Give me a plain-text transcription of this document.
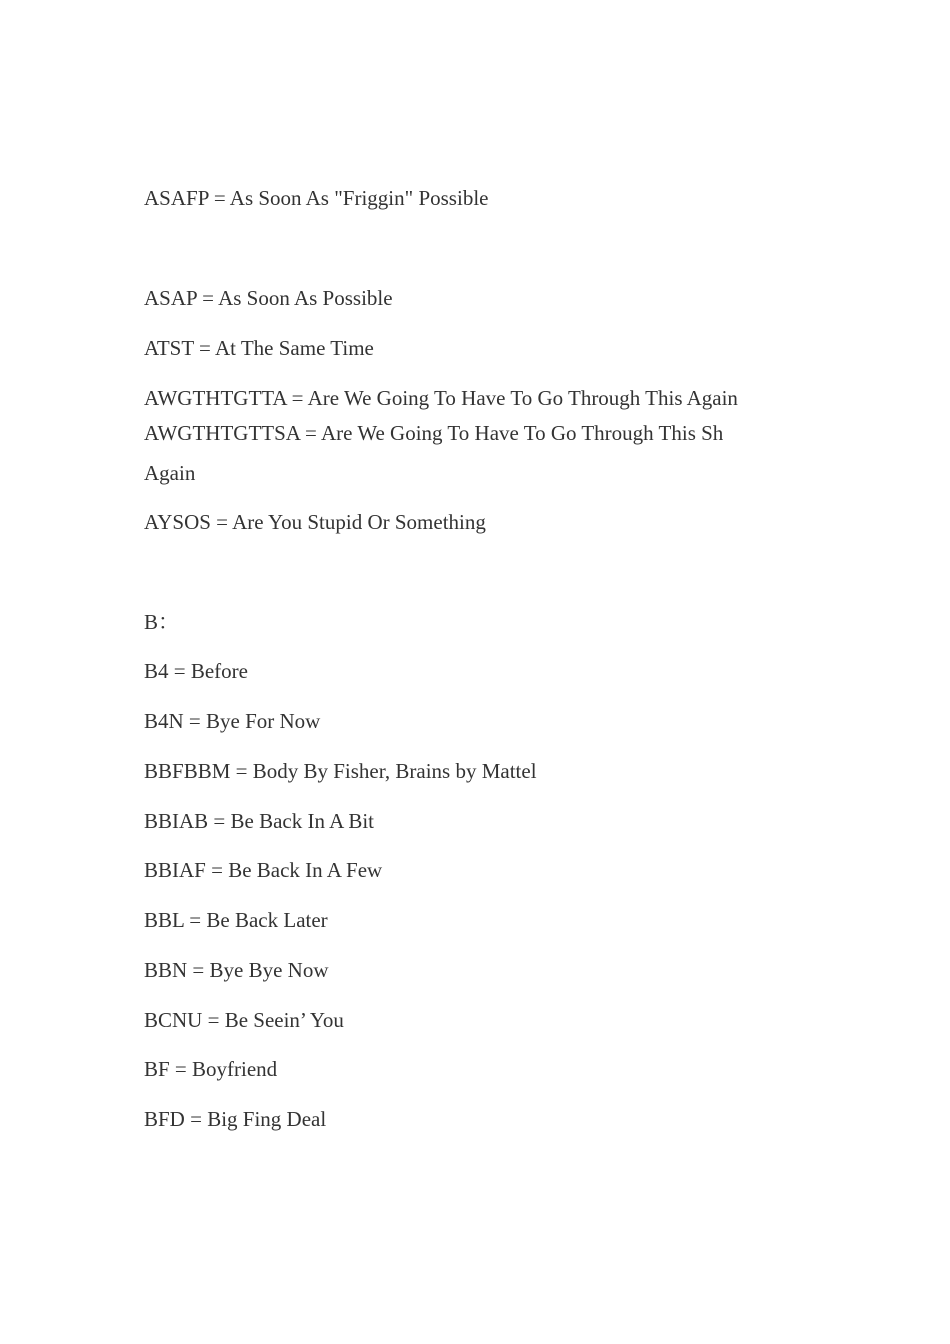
ASAFP = As Soon As "Friggin" Possible
ASAP = As Soon As Possible
ATST = At The Same Time
AWGTHTGTTA = Are We Going To Have To Go Through This Again
AWGTHTGTTSA = Are We Going To Have To Go Through This Sh
Again
AYSOS = Are You Stupid Or Something
B：
B4 = Before
B4N = Bye For Now
BBFBBM = Body By Fisher, Brains by Mattel
BBIAB = Be Back In A Bit
BBIAF = Be Back In A Few
BBL = Be Back Later
BBN = Bye Bye Now
BCNU = Be Seein’ You
BF = Boyfriend
BFD = Big Fing Deal
